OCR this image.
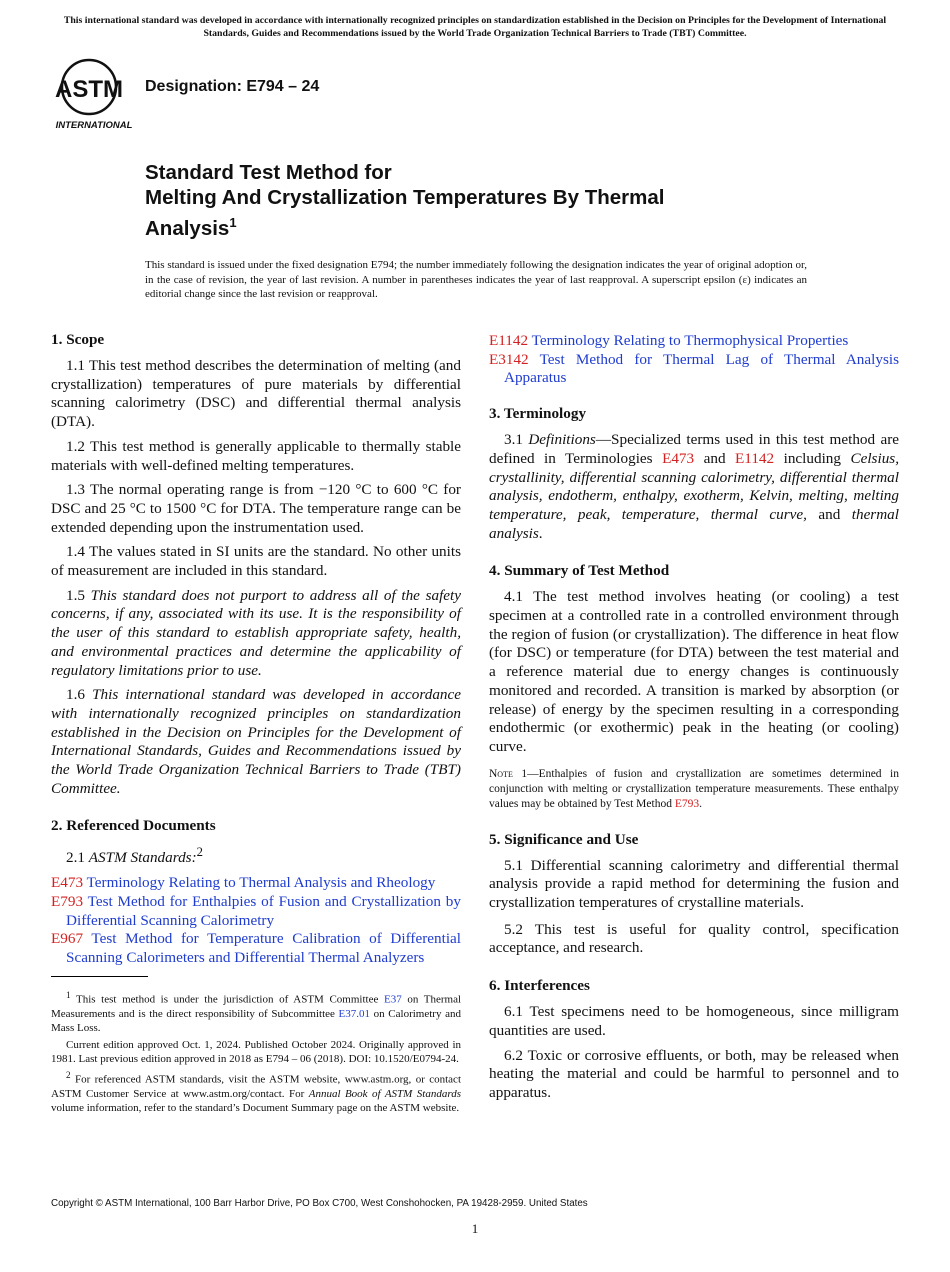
This international standard was developed in accordance with internationally recognized principles on standardization established in the Decision on Principles for the Development of International Standards, Guides and Recommendations issued by the World Trade Organization Technical Barriers to Trade (TBT) Committee.
ASTM
INTERNATIONAL
Designation: E794 – 24
Standard Test Method for
Melting And Crystallization Temperatures By Thermal
Analysis$^1$
This standard is issued under the fixed designation E794; the number immediately following the designation indicates the year of original adoption or, in the case of revision, the year of last revision. A number in parentheses indicates the year of last reapproval. A superscript epsilon (ε) indicates an editorial change since the last revision or reapproval.
1. Scope

1.1 This test method describes the determination of melting (and crystallization) temperatures of pure materials by differential scanning calorimetry (DSC) and differential thermal analysis (DTA).

1.2 This test method is generally applicable to thermally stable materials with well-defined melting temperatures.

1.3 The normal operating range is from −120 °C to 600 °C for DSC and 25 °C to 1500 °C for DTA. The temperature range can be extended depending upon the instrumentation used.

1.4 The values stated in SI units are the standard. No other units of measurement are included in this standard.

1.5 This standard does not purport to address all of the safety concerns, if any, associated with its use. It is the responsibility of the user of this standard to establish appropriate safety, health, and environmental practices and determine the applicability of regulatory limitations prior to use.

1.6 This international standard was developed in accordance with internationally recognized principles on standardization established in the Decision on Principles for the Development of International Standards, Guides and Recommendations issued by the World Trade Organization Technical Barriers to Trade (TBT) Committee.

2. Referenced Documents

2.1 ASTM Standards:$^2$

E473 Terminology Relating to Thermal Analysis and Rheology

E793 Test Method for Enthalpies of Fusion and Crystallization by Differential Scanning Calorimetry

E967 Test Method for Temperature Calibration of Differential Scanning Calorimeters and Differential Thermal Analyzers

$^1$ This test method is under the jurisdiction of ASTM Committee E37 on Thermal Measurements and is the direct responsibility of Subcommittee E37.01 on Calorimetry and Mass Loss.

Current edition approved Oct. 1, 2024. Published October 2024. Originally approved in 1981. Last previous edition approved in 2018 as E794 – 06 (2018). DOI: 10.1520/E0794-24.

$^2$ For referenced ASTM standards, visit the ASTM website, www.astm.org, or contact ASTM Customer Service at www.astm.org/contact. For Annual Book of ASTM Standards volume information, refer to the standard’s Document Summary page on the ASTM website.

E1142 Terminology Relating to Thermophysical Properties

E3142 Test Method for Thermal Lag of Thermal Analysis Apparatus

3. Terminology

3.1 Definitions—Specialized terms used in this test method are defined in Terminologies E473 and E1142 including Celsius, crystallinity, differential scanning calorimetry, differential thermal analysis, endotherm, enthalpy, exotherm, Kelvin, melting, melting temperature, peak, temperature, thermal curve, and thermal analysis.

4. Summary of Test Method

4.1 The test method involves heating (or cooling) a test specimen at a controlled rate in a controlled environment through the region of fusion (or crystallization). The difference in heat flow (for DSC) or temperature (for DTA) between the test material and a reference material due to energy changes is continuously monitored and recorded. A transition is marked by absorption (or release) of energy by the specimen resulting in a corresponding endothermic (or exothermic) peak in the heating (or cooling) curve.

Note 1—Enthalpies of fusion and crystallization are sometimes determined in conjunction with melting or crystallization temperature measurements. These enthalpy values may be obtained by Test Method E793.

5. Significance and Use

5.1 Differential scanning calorimetry and differential thermal analysis provide a rapid method for determining the fusion and crystallization temperatures of crystalline materials.

5.2 This test is useful for quality control, specification acceptance, and research.

6. Interferences

6.1 Test specimens need to be homogeneous, since milligram quantities are used.

6.2 Toxic or corrosive effluents, or both, may be released when heating the material and could be harmful to personnel and to apparatus.

Copyright © ASTM International, 100 Barr Harbor Drive, PO Box C700, West Conshohocken, PA 19428-2959. United States
1
